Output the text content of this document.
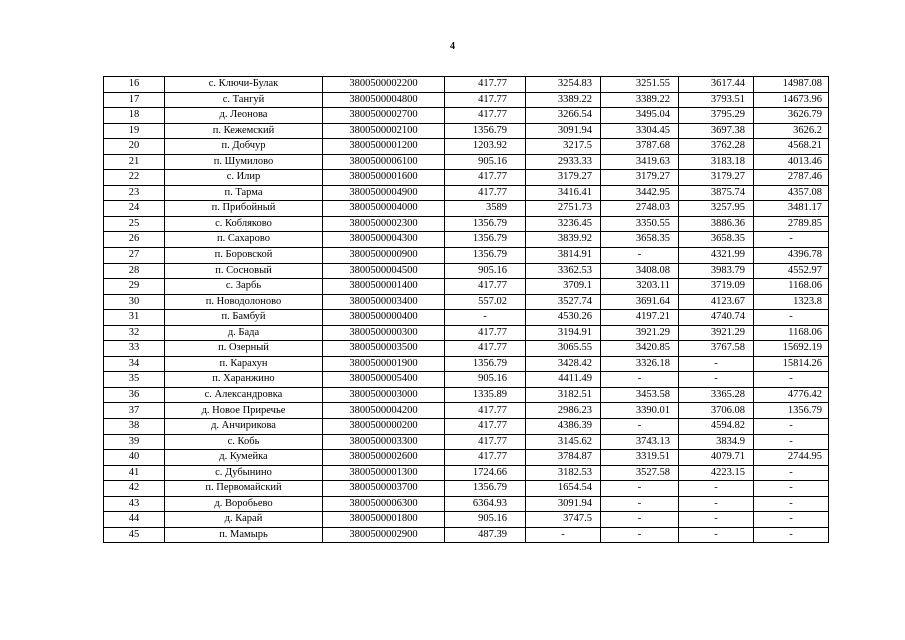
4
16	с. Ключи-Булак	3800500002200	417.77	3254.83	3251.55	3617.44	14987.08
17	с. Тангуй	3800500004800	417.77	3389.22	3389.22	3793.51	14673.96
18	д. Леонова	3800500002700	417.77	3266.54	3495.04	3795.29	3626.79
19	п. Кежемский	3800500002100	1356.79	3091.94	3304.45	3697.38	3626.2
20	п. Добчур	3800500001200	1203.92	3217.5	3787.68	3762.28	4568.21
21	п. Шумилово	3800500006100	905.16	2933.33	3419.63	3183.18	4013.46
22	с. Илир	3800500001600	417.77	3179.27	3179.27	3179.27	2787.46
23	п. Тарма	3800500004900	417.77	3416.41	3442.95	3875.74	4357.08
24	п. Прибойный	3800500004000	3589	2751.73	2748.03	3257.95	3481.17
25	с. Кобляково	3800500002300	1356.79	3236.45	3350.55	3886.36	2789.85
26	п. Сахарово	3800500004300	1356.79	3839.92	3658.35	3658.35	-
27	п. Боровской	3800500000900	1356.79	3814.91	-	4321.99	4396.78
28	п. Сосновый	3800500004500	905.16	3362.53	3408.08	3983.79	4552.97
29	с. Зарбь	3800500001400	417.77	3709.1	3203.11	3719.09	1168.06
30	п. Новодолоново	3800500003400	557.02	3527.74	3691.64	4123.67	1323.8
31	п. Бамбуй	3800500000400	-	4530.26	4197.21	4740.74	-
32	д. Бада	3800500000300	417.77	3194.91	3921.29	3921.29	1168.06
33	п. Озерный	3800500003500	417.77	3065.55	3420.85	3767.58	15692.19
34	п. Карахун	3800500001900	1356.79	3428.42	3326.18	-	15814.26
35	п. Харанжино	3800500005400	905.16	4411.49	-	-	-
36	с. Александровка	3800500003000	1335.89	3182.51	3453.58	3365.28	4776.42
37	д. Новое Приречье	3800500004200	417.77	2986.23	3390.01	3706.08	1356.79
38	д. Анчирикова	3800500000200	417.77	4386.39	-	4594.82	-
39	с. Кобь	3800500003300	417.77	3145.62	3743.13	3834.9	-
40	д. Кумейка	3800500002600	417.77	3784.87	3319.51	4079.71	2744.95
41	с. Дубынино	3800500001300	1724.66	3182.53	3527.58	4223.15	-
42	п. Первомайский	3800500003700	1356.79	1654.54	-	-	-
43	д. Воробьево	3800500006300	6364.93	3091.94	-	-	-
44	д. Карай	3800500001800	905.16	3747.5	-	-	-
45	п. Мамырь	3800500002900	487.39	-	-	-	-
